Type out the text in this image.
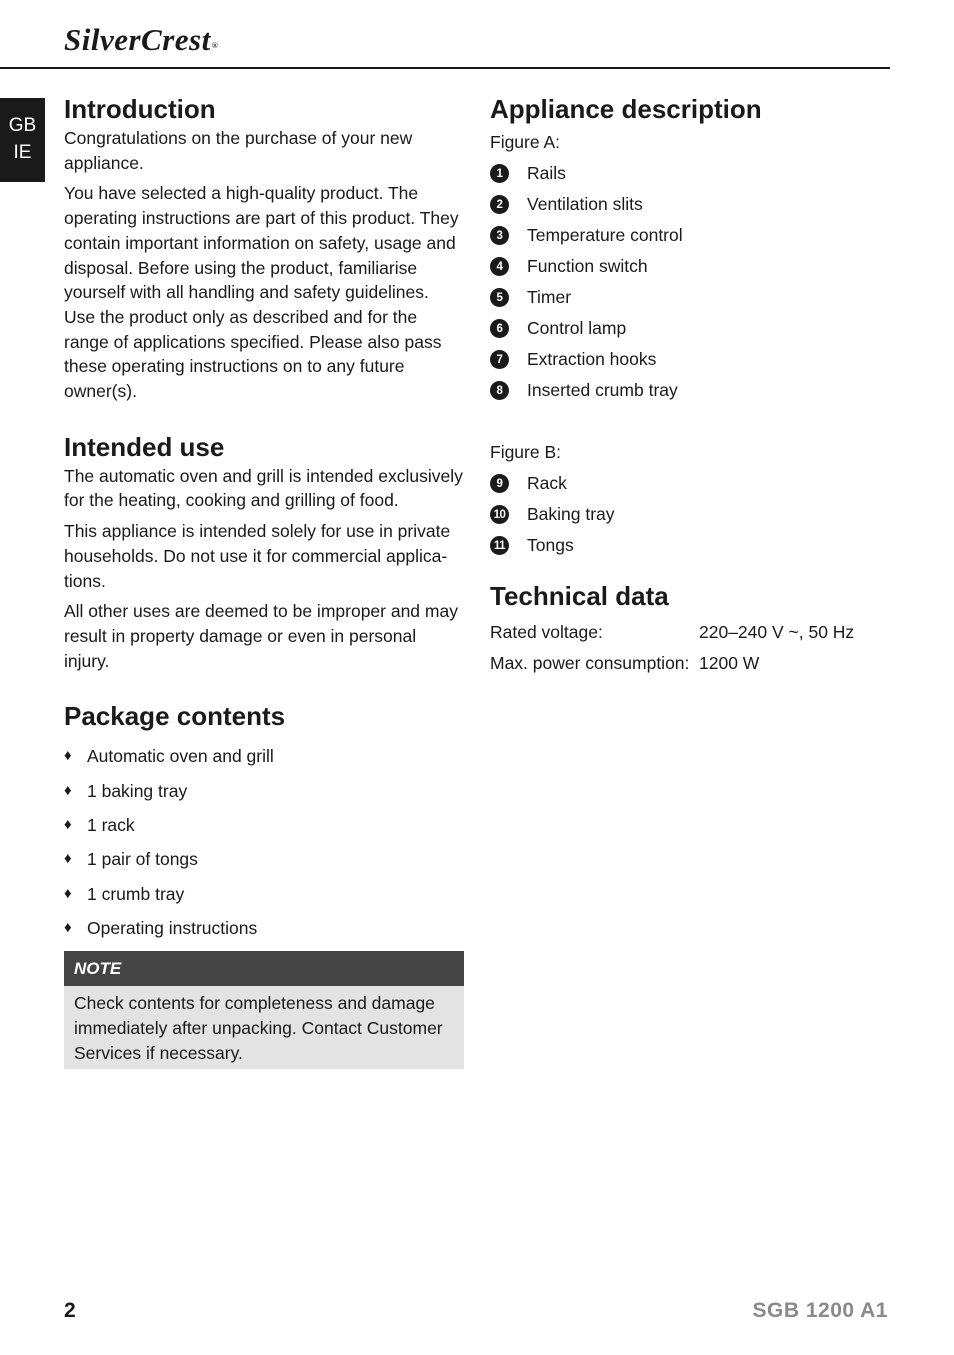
SilverCrest®
GB
IE
Introduction

Congratulations on the purchase of your new appliance.

You have selected a high-quality product. The operating instructions are part of this product. They contain important information on safety, usage and disposal. Before using the product, familiarise yourself with all handling and safety guidelines. Use the product only as described and for the range of applications specified. Please also pass these operating instructions on to any future owner(s).

Intended use

The automatic oven and grill is intended exclusively for the heating, cooking and grilling of food.

This appliance is intended solely for use in private households. Do not use it for commercial applica-tions.

All other uses are deemed to be improper and may result in property damage or even in personal injury.

Package contents
♦ Automatic oven and grill
♦ 1 baking tray
♦ 1 rack
♦ 1 pair of tongs
♦ 1 crumb tray
♦ Operating instructions
NOTE
Check contents for completeness and damage immediately after unpacking. Contact Customer Services if necessary.
Appliance description
Figure A:
1	Rails
2	Ventilation slits
3	Temperature control
4	Function switch
5	Timer
6	Control lamp
7	Extraction hooks
8	Inserted crumb tray
Figure B:
9	Rack
10 Baking tray
11 Tongs
Technical data
Rated voltage:	220–240 V ~, 50 Hz
Max. power consumption:	1200 W
2	SGB 1200 A1
